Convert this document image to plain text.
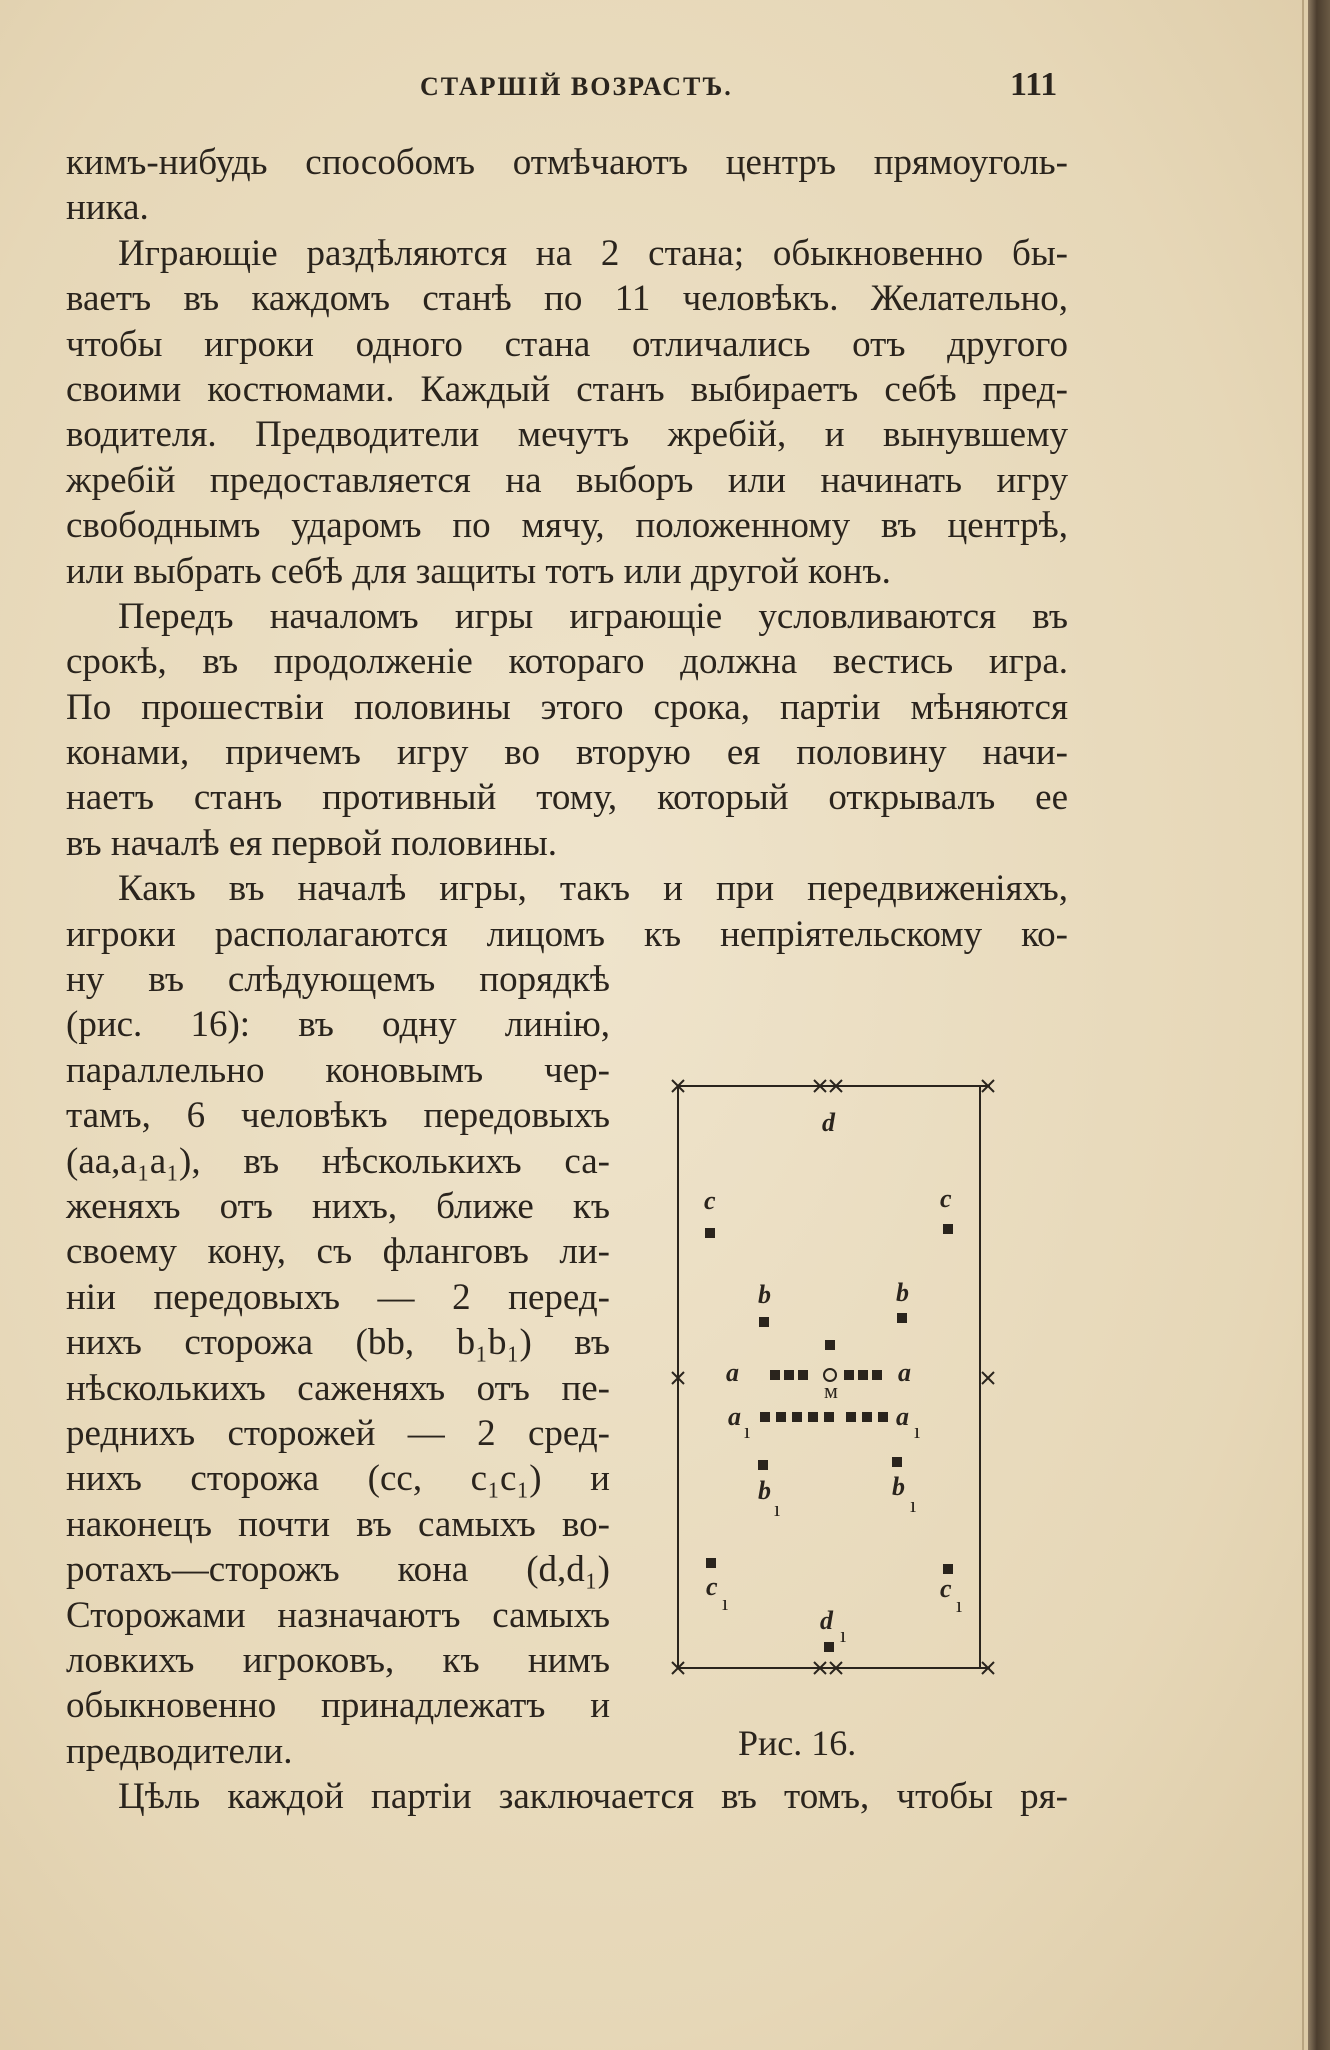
СТАРШІЙ ВОЗРАСТЪ.	111
кимъ-нибудь способомъ отмѣчаютъ центръ прямоуголь-
ника.
Играющіе раздѣляются на 2 стана; обыкновенно бы-
ваетъ въ каждомъ станѣ по 11 человѣкъ. Желательно,
чтобы игроки одного стана отличались отъ другого
своими костюмами. Каждый станъ выбираетъ себѣ пред-
водителя. Предводители мечутъ жребій, и вынувшему
жребій предоставляется на выборъ или начинать игру
свободнымъ ударомъ по мячу, положенному въ центрѣ,
или выбрать себѣ для защиты тотъ или другой конъ.
Передъ началомъ игры играющіе условливаются въ
срокѣ, въ продолженіе котораго должна вестись игра.
По прошествіи половины этого срока, партіи мѣняются
конами, причемъ игру во вторую ея половину начи-
наетъ станъ противный тому, который открывалъ ее
въ началѣ ея первой половины.
Какъ въ началѣ игры, такъ и при передвиженіяхъ,
игроки располагаются лицомъ къ непріятельскому ко-
ну въ слѣдующемъ порядкѣ
(рис. 16): въ одну линію,
параллельно коновымъ чер-
тамъ, 6 человѣкъ передовыхъ
(aa,a₁a₁), въ нѣсколькихъ са-
женяхъ отъ нихъ, ближе къ
своему кону, съ фланговъ ли-
ніи передовыхъ — 2 перед-
нихъ сторожа (bb, b₁b₁) въ
нѣсколькихъ саженяхъ отъ пе-
реднихъ сторожей — 2 сред-
нихъ сторожа (cc, c₁c₁) и
наконецъ почти въ самыхъ во-
ротахъ—сторожъ кона (d,d₁)
Сторожами назначаютъ самыхъ
ловкихъ игроковъ, къ нимъ
обыкновенно принадлежатъ и
предводители.
Цѣль каждой партіи заключается въ томъ, чтобы ря-
d
c	c
b	b
a	a
м
a ı	a ı
b
ı
b
ı
c
ı	c
ı
d ı
Рис. 16.
